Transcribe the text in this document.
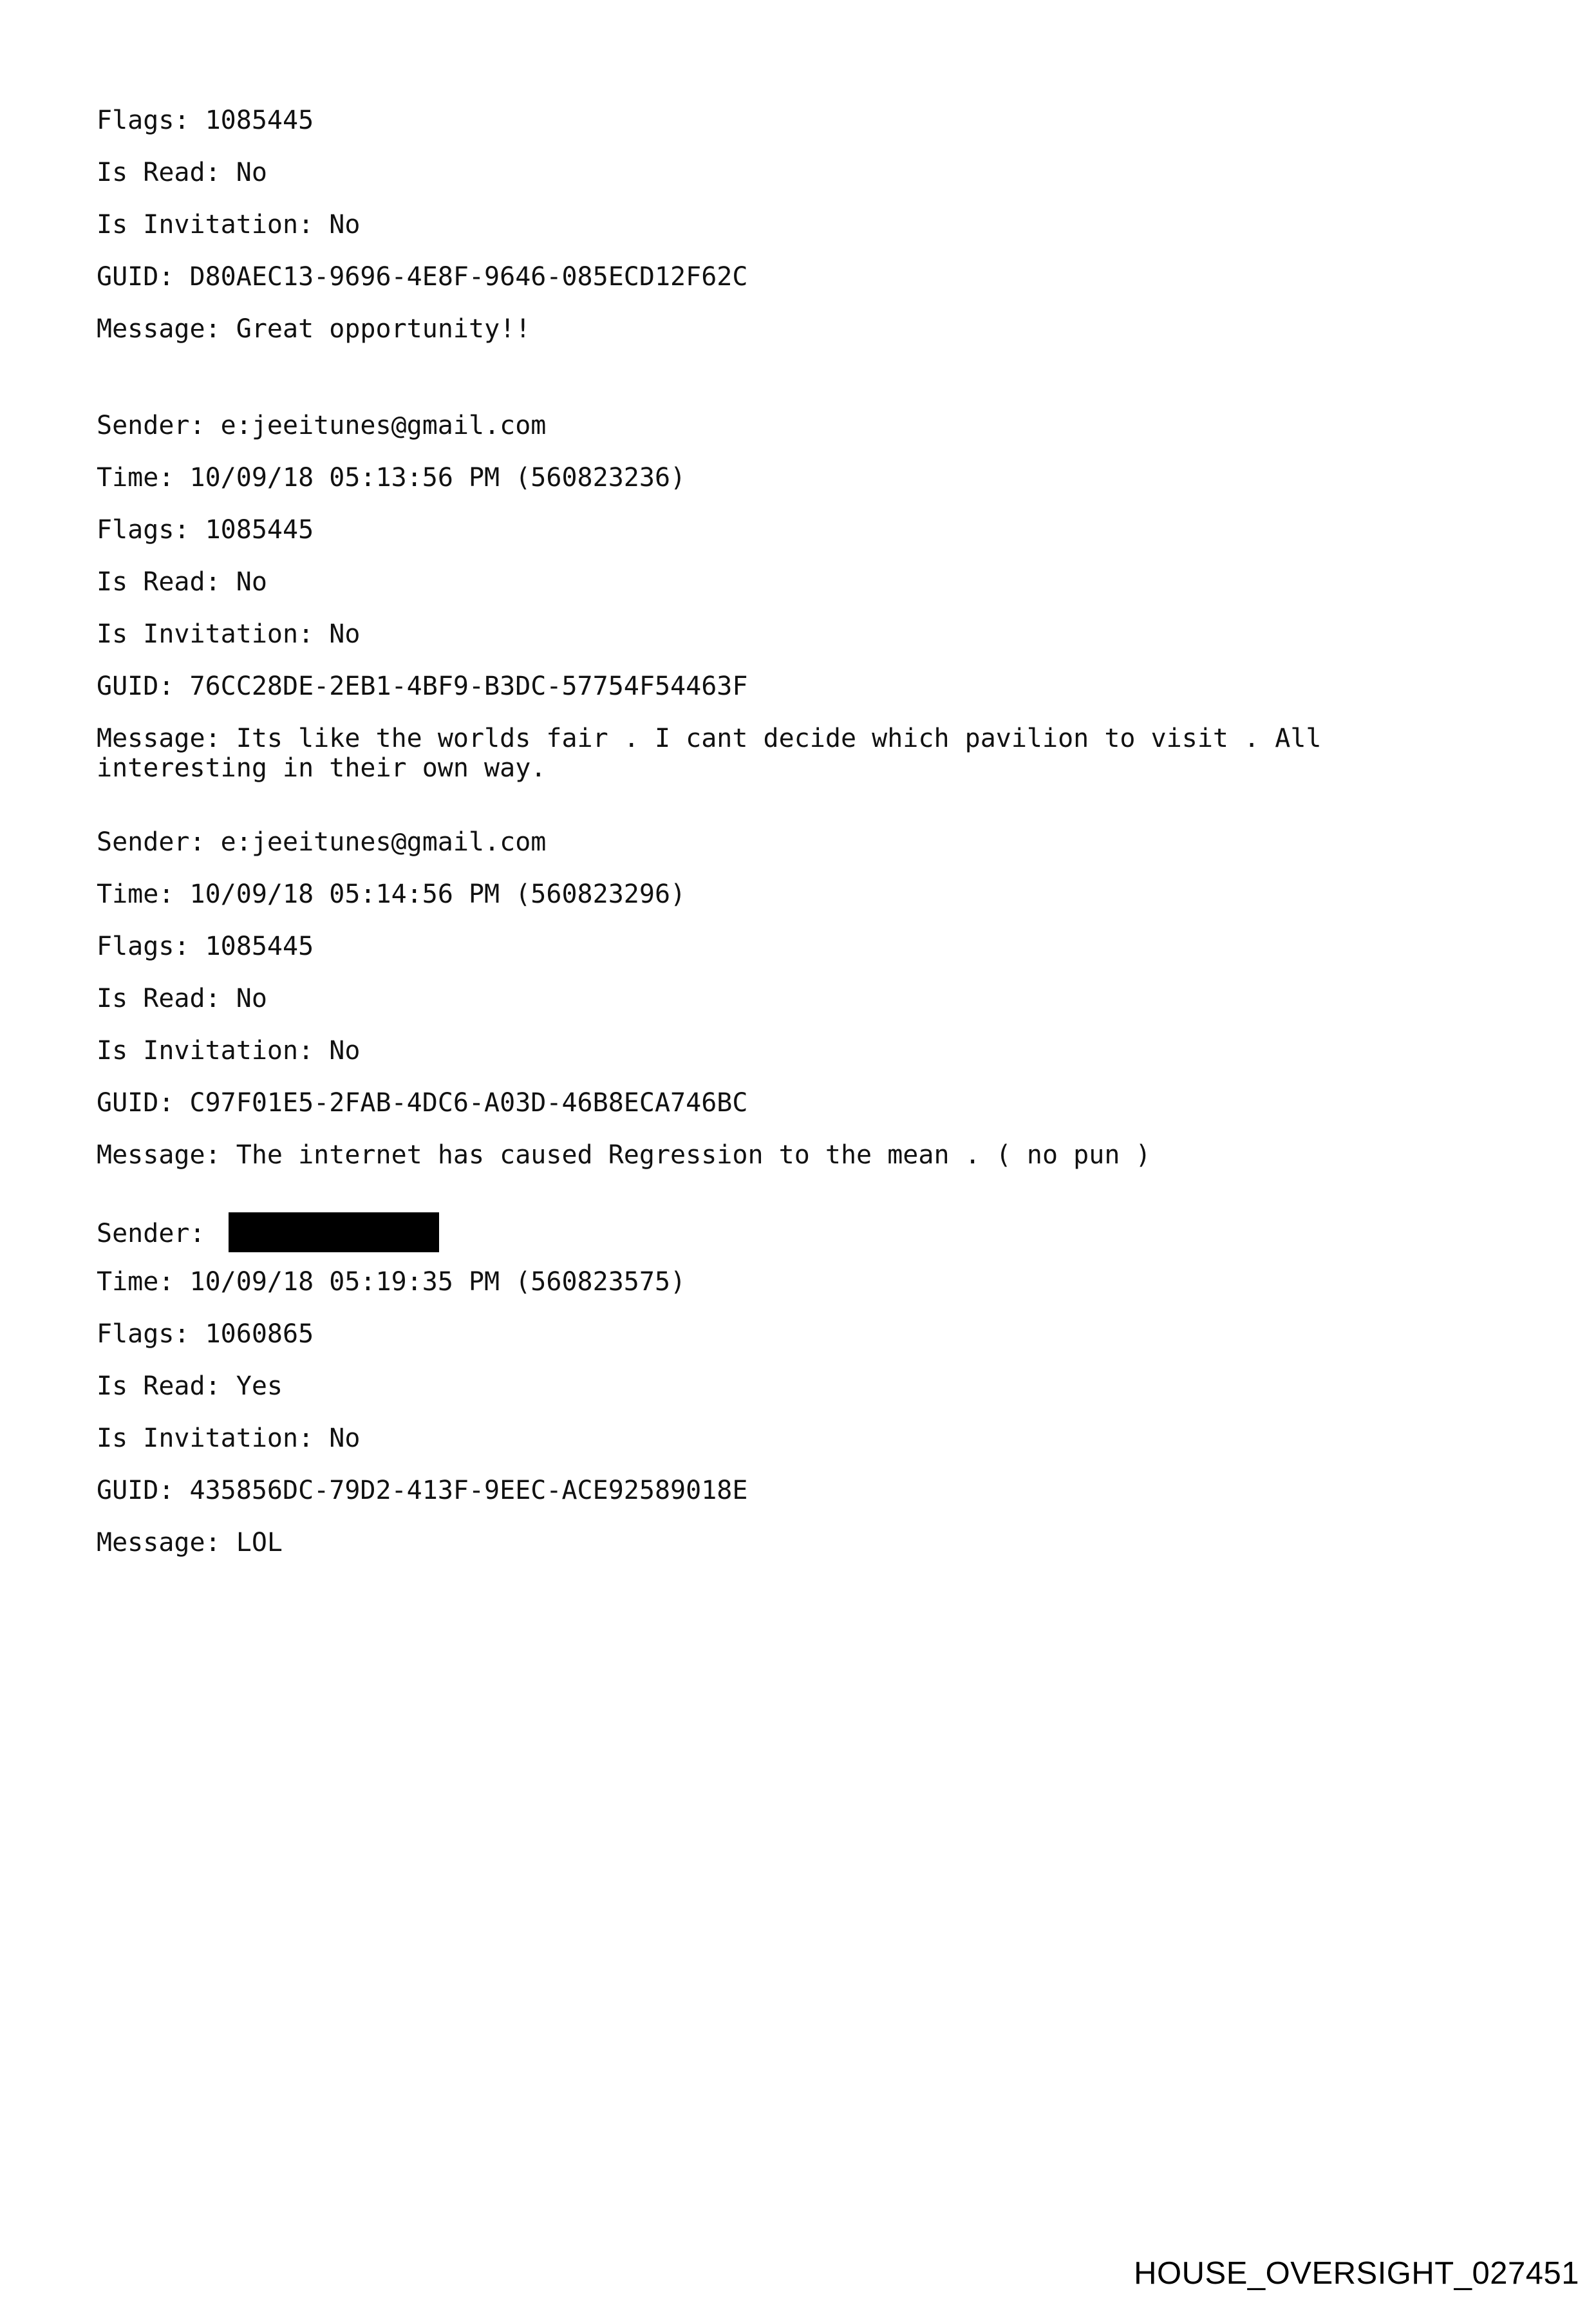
Flags: 1085445
Is Read: No
Is Invitation: No
GUID: D80AEC13-9696-4E8F-9646-085ECD12F62C
Message: Great opportunity!!
Sender: e:jeeitunes@gmail.com
Time: 10/09/18 05:13:56 PM (560823236)
Flags: 1085445
Is Read: No
Is Invitation: No
GUID: 76CC28DE-2EB1-4BF9-B3DC-57754F54463F
Message: Its like the worlds fair . I cant decide which pavilion to visit . All
interesting in their own way.
Sender: e:jeeitunes@gmail.com
Time: 10/09/18 05:14:56 PM (560823296)
Flags: 1085445
Is Read: No
Is Invitation: No
GUID: C97F01E5-2FAB-4DC6-A03D-46B8ECA746BC
Message: The internet has caused Regression to the mean . ( no pun )
Sender:
Time: 10/09/18 05:19:35 PM (560823575)
Flags: 1060865
Is Read: Yes
Is Invitation: No
GUID: 435856DC-79D2-413F-9EEC-ACE92589018E
Message: LOL
HOUSE_OVERSIGHT_027451
